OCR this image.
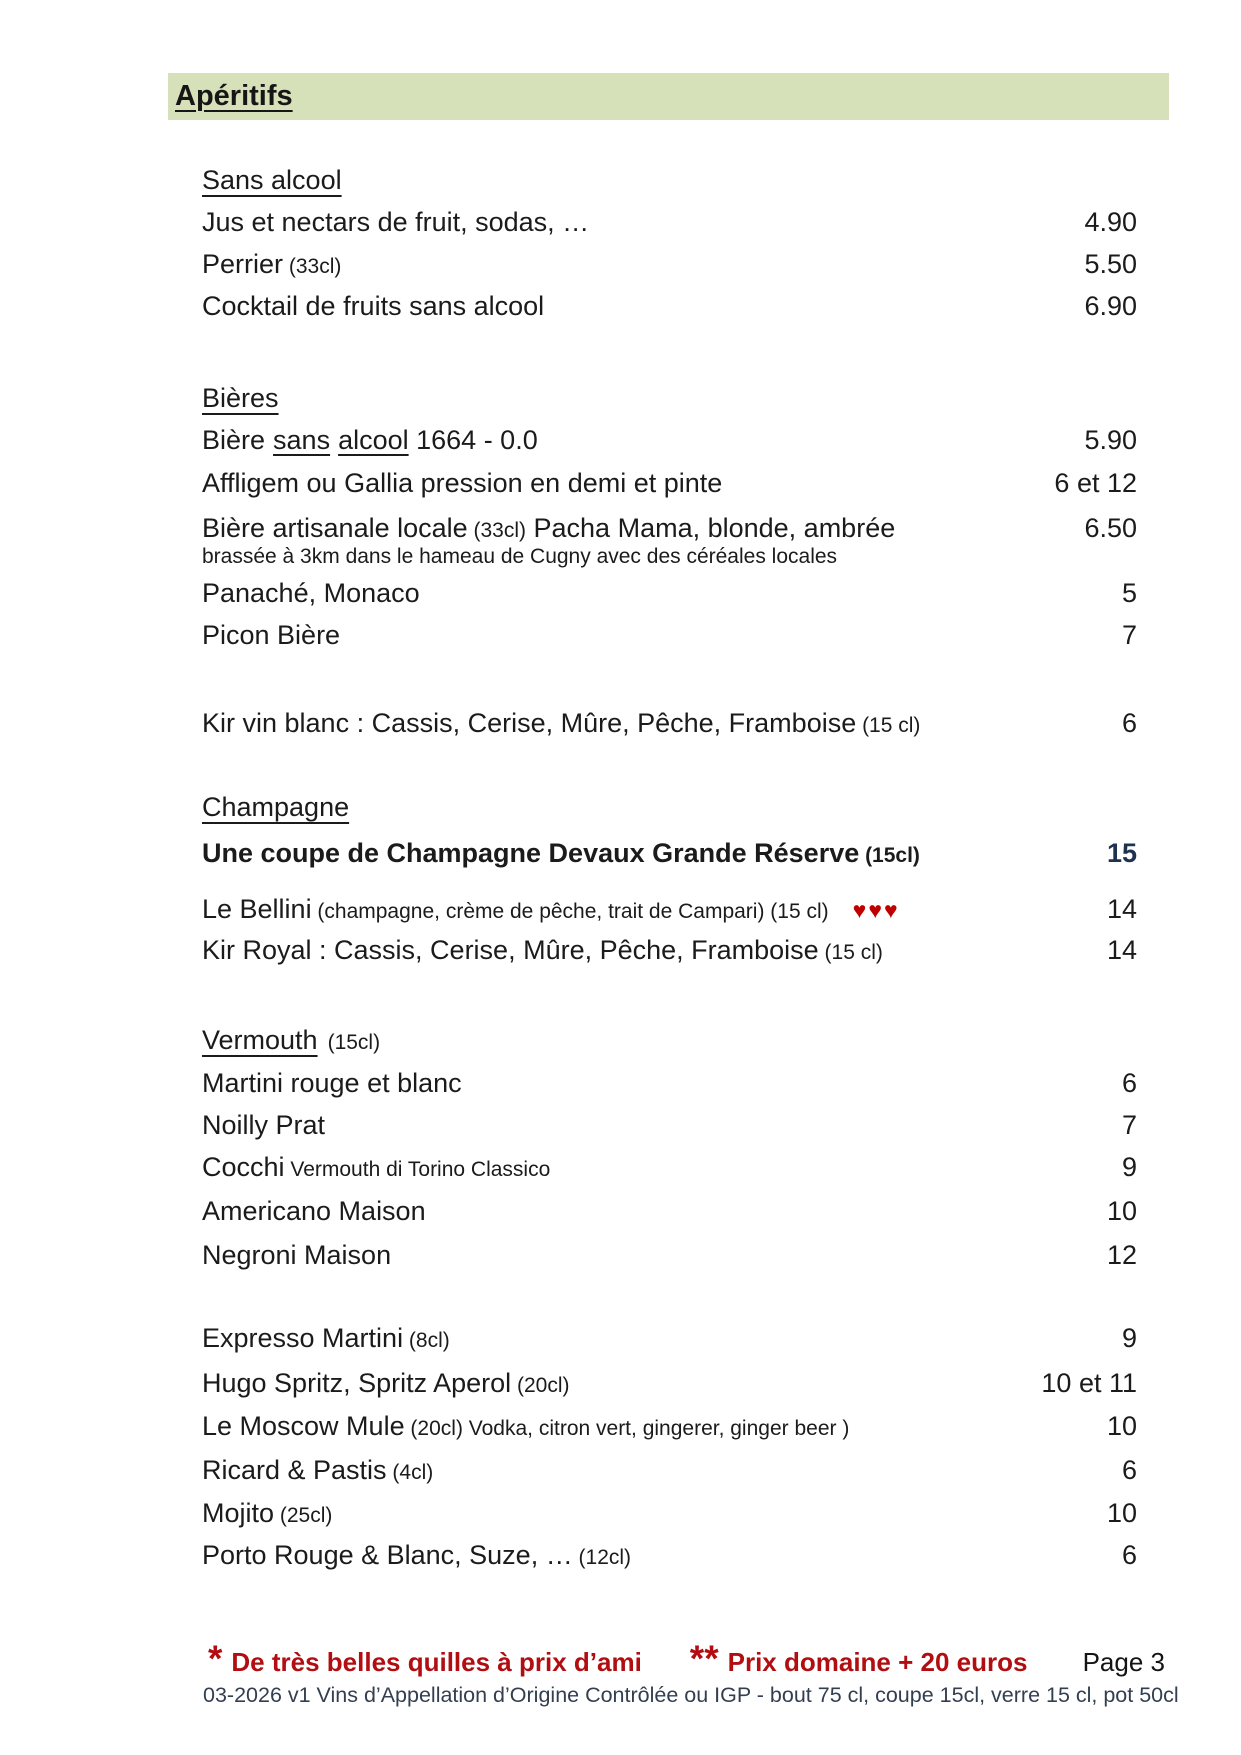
Apéritifs
Sans alcool
Jus et nectars de fruit, sodas, …	4.90
Perrier (33cl)	5.50
Cocktail de fruits sans alcool	6.90
Bières
Bière sans alcool 1664 - 0.0	5.90
Affligem ou Gallia pression en demi et pinte	6 et 12
Bière artisanale locale (33cl) Pacha Mama, blonde, ambrée	6.50
brassée à 3km dans le hameau de Cugny avec des céréales locales
Panaché, Monaco	5
Picon Bière	7
Kir vin blanc : Cassis, Cerise, Mûre, Pêche, Framboise (15 cl)	6
Champagne
Une coupe de Champagne Devaux Grande Réserve (15cl)	15
Le Bellini (champagne, crème de pêche, trait de Campari) (15 cl) ♥♥♥	14
Kir Royal : Cassis, Cerise, Mûre, Pêche, Framboise (15 cl)	14
Vermouth (15cl)
Martini rouge et blanc	6
Noilly Prat	7
Cocchi Vermouth di Torino Classico	9
Americano Maison	10
Negroni Maison	12
Expresso Martini (8cl)	9
Hugo Spritz, Spritz Aperol (20cl)	10 et 11
Le Moscow Mule (20cl) Vodka, citron vert, gingerer, ginger beer )	10
Ricard & Pastis (4cl)	6
Mojito (25cl)	10
Porto Rouge & Blanc, Suze, … (12cl)	6
* De très belles quilles à prix d’ami ** Prix domaine + 20 euros Page 3
03-2026 v1 Vins d’Appellation d’Origine Contrôlée ou IGP - bout 75 cl, coupe 15cl, verre 15 cl, pot 50cl
